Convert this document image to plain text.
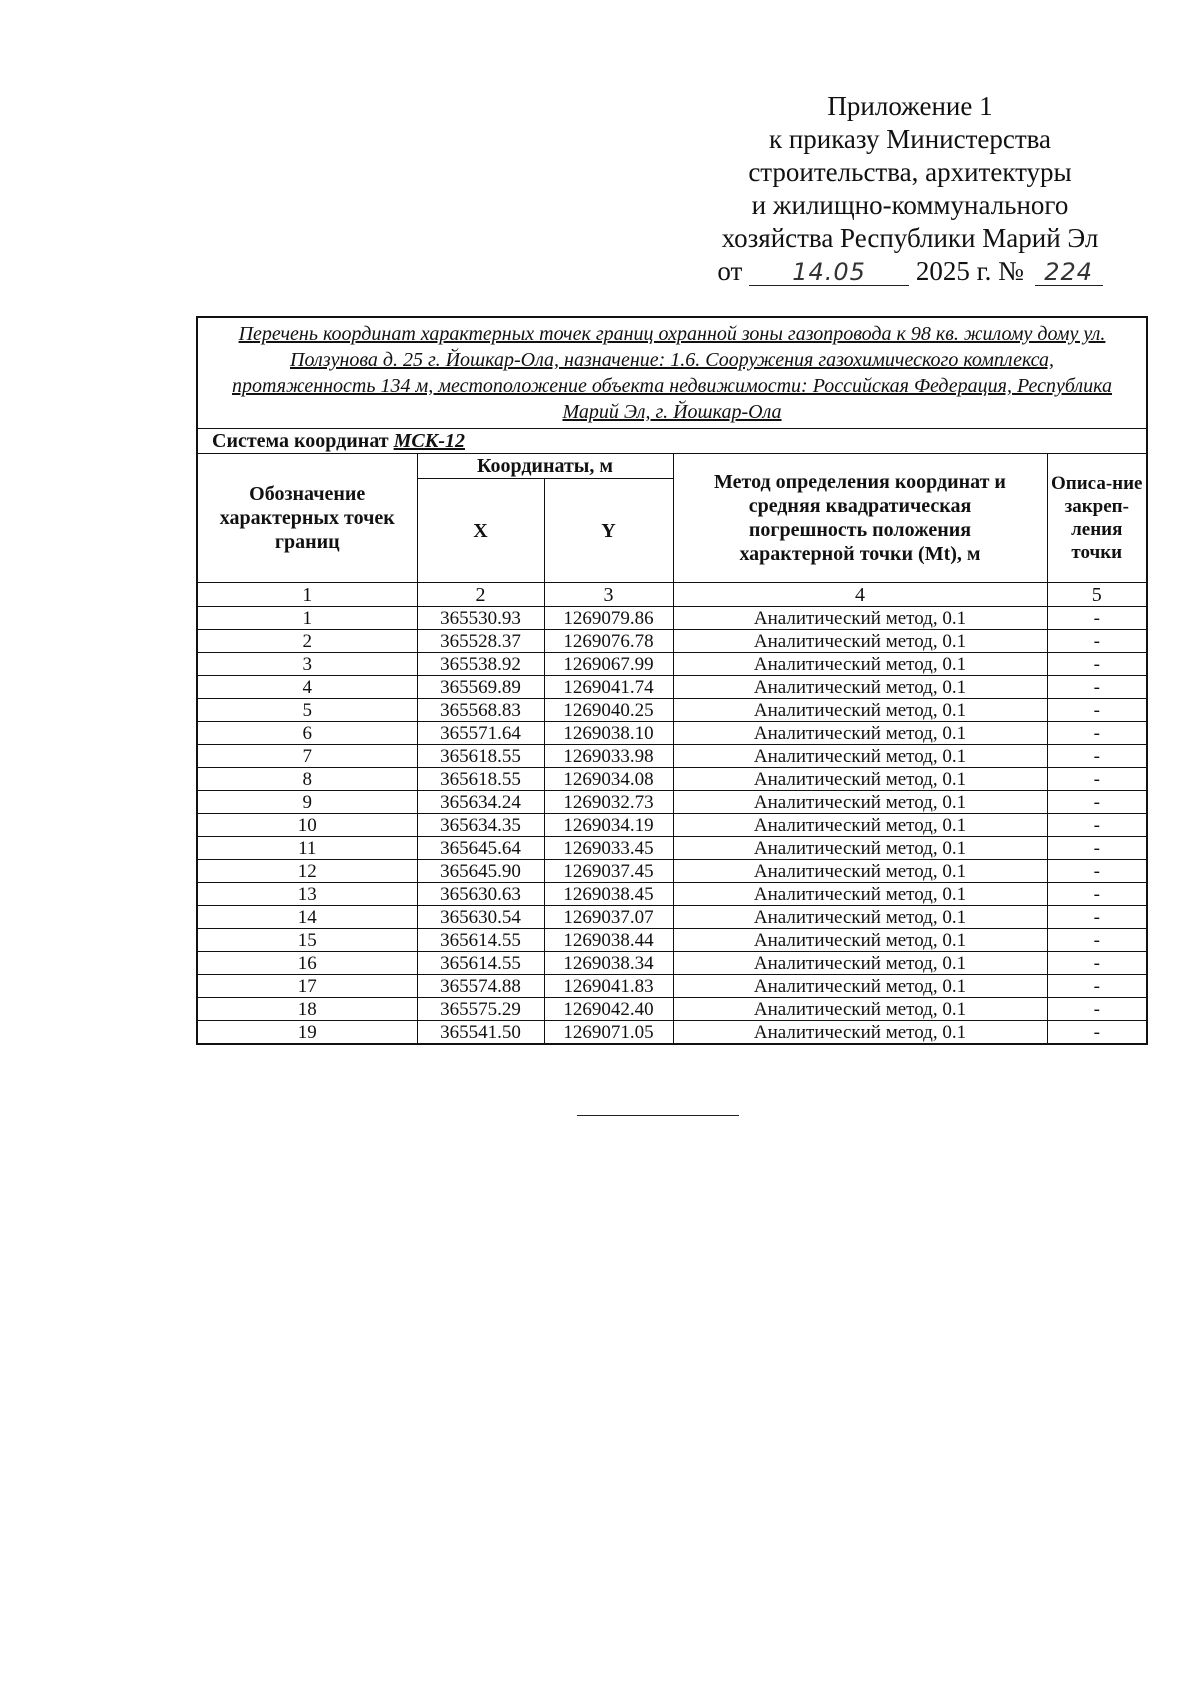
Приложение 1
к приказу Министерства
строительства, архитектуры
и жилищно-коммунального
хозяйства Республики Марий Эл
от 14.05 2025 г. № 224
Перечень координат характерных точек границ охранной зоны газопровода к 98 кв. жилому дому ул. Ползунова д. 25 г. Йошкар-Ола, назначение: 1.6. Сооружения газохимического комплекса, протяженность 134 м, местоположение объекта недвижимости: Российская Федерация, Республика Марий Эл, г. Йошкар-Ола				
Система координат МСК-12				
Обозначение характерных точек границ	Координаты, м		Метод определения координат и средняя квадратическая погрешность положения характерной точки (Mt), м	Описа-ние закреп-ления точки
	X	Y		
1	2	3	4	5
1	365530.93	1269079.86	Аналитический метод, 0.1	-
2	365528.37	1269076.78	Аналитический метод, 0.1	-
3	365538.92	1269067.99	Аналитический метод, 0.1	-
4	365569.89	1269041.74	Аналитический метод, 0.1	-
5	365568.83	1269040.25	Аналитический метод, 0.1	-
6	365571.64	1269038.10	Аналитический метод, 0.1	-
7	365618.55	1269033.98	Аналитический метод, 0.1	-
8	365618.55	1269034.08	Аналитический метод, 0.1	-
9	365634.24	1269032.73	Аналитический метод, 0.1	-
10	365634.35	1269034.19	Аналитический метод, 0.1	-
11	365645.64	1269033.45	Аналитический метод, 0.1	-
12	365645.90	1269037.45	Аналитический метод, 0.1	-
13	365630.63	1269038.45	Аналитический метод, 0.1	-
14	365630.54	1269037.07	Аналитический метод, 0.1	-
15	365614.55	1269038.44	Аналитический метод, 0.1	-
16	365614.55	1269038.34	Аналитический метод, 0.1	-
17	365574.88	1269041.83	Аналитический метод, 0.1	-
18	365575.29	1269042.40	Аналитический метод, 0.1	-
19	365541.50	1269071.05	Аналитический метод, 0.1	-
